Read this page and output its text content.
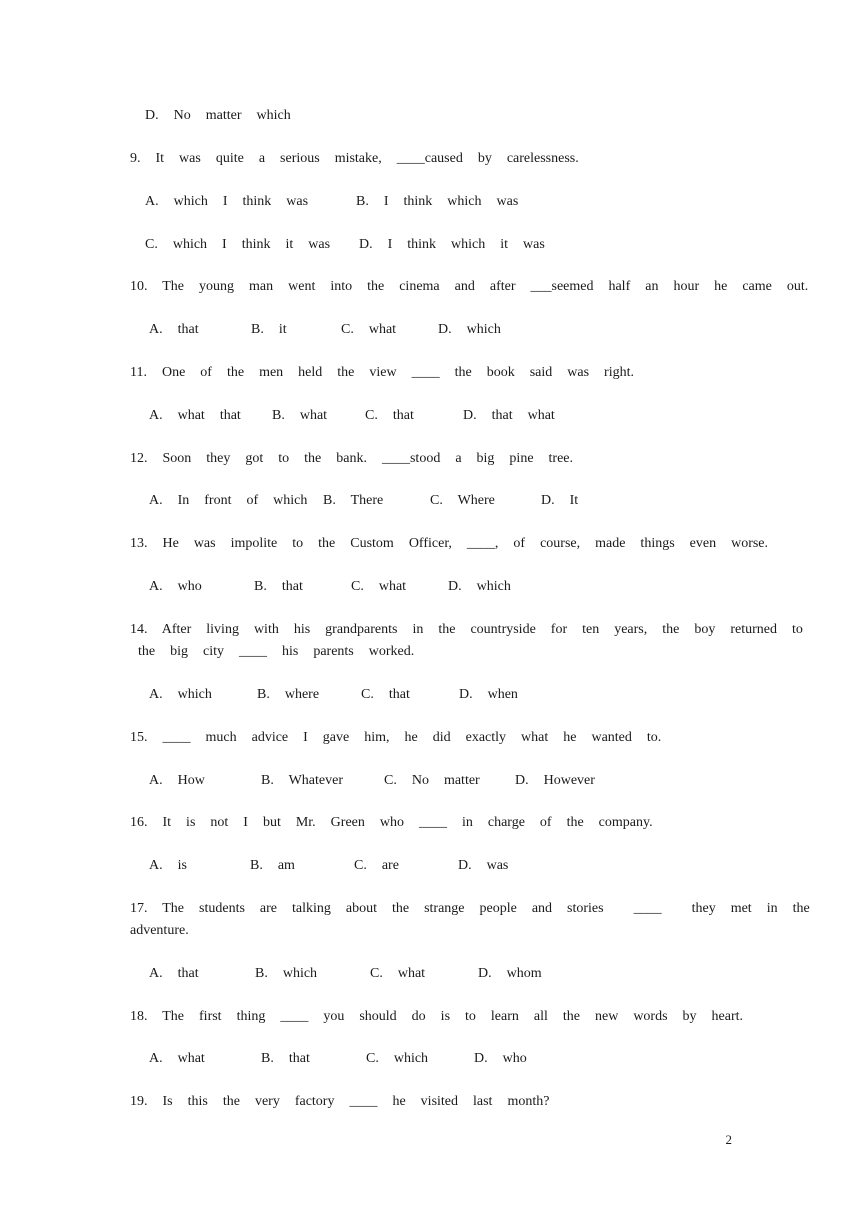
D.  No  matter  which
9. It  was  quite  a  serious  mistake,  ____caused  by  carelessness.
A.  which  I  think  was	B.  I  think  which  was
C.  which  I  think  it  was D.  I  think  which  it  was
10. The  young  man  went  into  the  cinema  and  after  ___seemed  half  an  hour  he  came  out.
A.  that	B.  it	C.  what	D.  which
11. One  of  the  men  held  the  view  ____  the  book  said  was  right.
A.  what  that B.  what	C.  that	D.  that  what
12. Soon  they  got  to  the  bank.  ____stood  a  big  pine  tree.
A.  In  front  of  which B.  There	C.  Where	D.  It
13. He  was  impolite  to  the  Custom  Officer,  ____,  of  course,  made  things  even  worse.
A.  who	B.  that	C.  what	D.  which
14. After  living  with  his  grandparents  in  the  countryside  for  ten  years,  the  boy  returned  to
the  big  city  ____  his  parents  worked.
A.  which	B.  where	C.  that	D.  when
15. ____  much  advice  I  gave  him,  he  did  exactly  what  he  wanted  to.
A.  How	B.  Whatever	C.  No  matter	D.  However
16. It  is  not  I  but  Mr.  Green  who  ____  in  charge  of  the  company.
A.  is	B.  am	C.  are	D.  was
17. The  students  are  talking  about  the  strange  people  and  stories    ____    they  met  in  the
adventure.
A.  that	B.  which	C.  what	D.  whom
18. The  first  thing  ____  you  should  do  is  to  learn  all  the  new  words  by  heart.
A.  what	B.  that	C.  which	D.  who
19. Is  this  the  very  factory  ____  he  visited  last  month?
2
